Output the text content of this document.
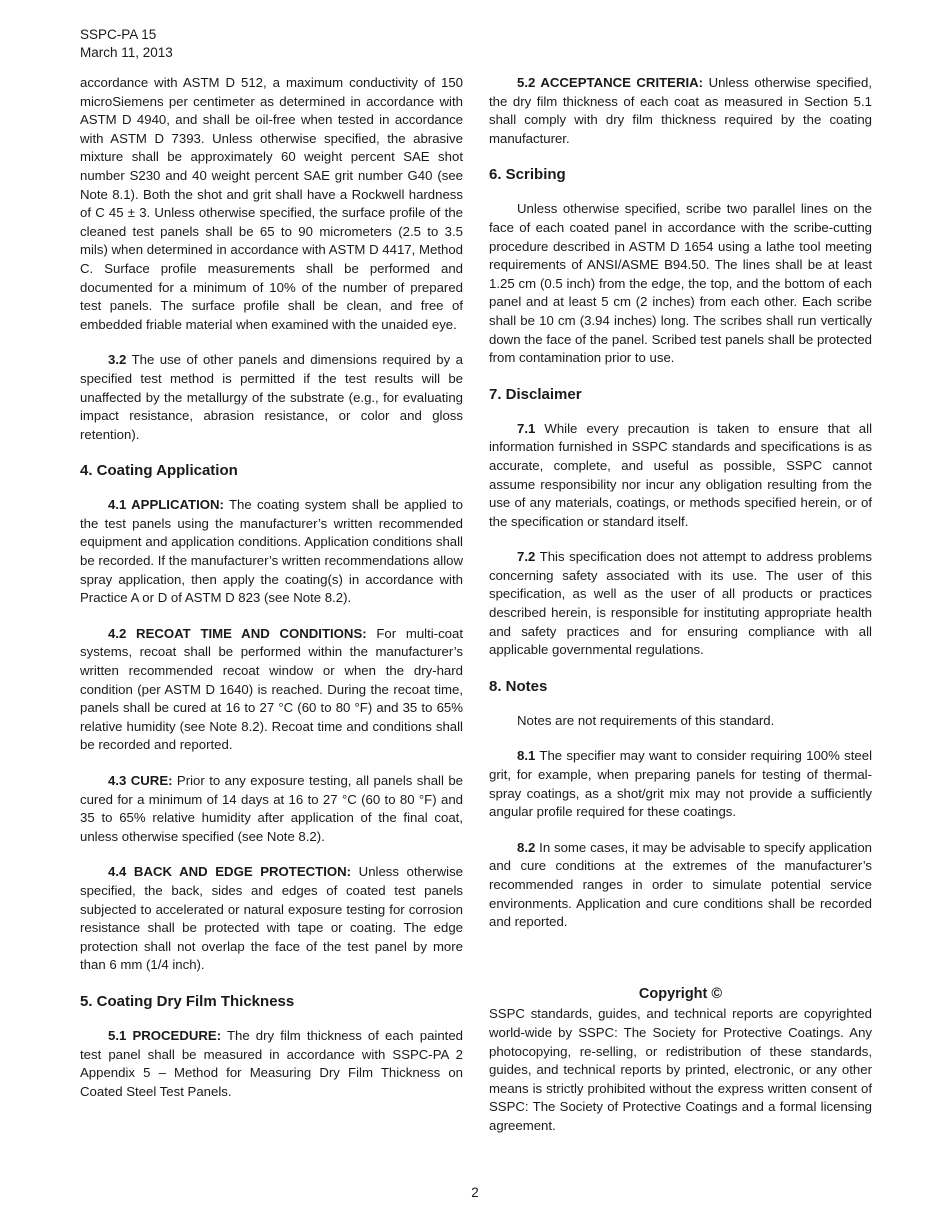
SSPC-PA 15
March 11, 2013

accordance with ASTM D 512, a maximum conductivity of 150 microSiemens per centimeter as determined in accordance with ASTM D 4940, and shall be oil-free when tested in accordance with ASTM D 7393. Unless otherwise specified, the abrasive mixture shall be approximately 60 weight percent SAE shot number S230 and 40 weight percent SAE grit number G40 (see Note 8.1). Both the shot and grit shall have a Rockwell hardness of C 45 ± 3. Unless otherwise specified, the surface profile of the cleaned test panels shall be 65 to 90 micrometers (2.5 to 3.5 mils) when determined in accordance with ASTM D 4417, Method C. Surface profile measurements shall be performed and documented for a minimum of 10% of the number of prepared test panels. The surface profile shall be clean, and free of embedded friable material when examined with the unaided eye.

3.2 The use of other panels and dimensions required by a specified test method is permitted if the test results will be unaffected by the metallurgy of the substrate (e.g., for evaluating impact resistance, abrasion resistance, or color and gloss retention).

4. Coating Application

4.1 APPLICATION: The coating system shall be applied to the test panels using the manufacturer’s written recommended equipment and application conditions. Application conditions shall be recorded. If the manufacturer’s written recommendations allow spray application, then apply the coating(s) in accordance with Practice A or D of ASTM D 823 (see Note 8.2).

4.2 RECOAT TIME AND CONDITIONS: For multi-coat systems, recoat shall be performed within the manufacturer’s written recommended recoat window or when the dry-hard condition (per ASTM D 1640) is reached. During the recoat time, panels shall be cured at 16 to 27 °C (60 to 80 °F) and 35 to 65% relative humidity (see Note 8.2). Recoat time and conditions shall be recorded and reported.

4.3 CURE: Prior to any exposure testing, all panels shall be cured for a minimum of 14 days at 16 to 27 °C (60 to 80 °F) and 35 to 65% relative humidity after application of the final coat, unless otherwise specified (see Note 8.2).

4.4 BACK AND EDGE PROTECTION: Unless otherwise specified, the back, sides and edges of coated test panels subjected to accelerated or natural exposure testing for corrosion resistance shall be protected with tape or coating. The edge protection shall not overlap the face of the test panel by more than 6 mm (1/4 inch).

5. Coating Dry Film Thickness

5.1 PROCEDURE: The dry film thickness of each painted test panel shall be measured in accordance with SSPC-PA 2 Appendix 5 – Method for Measuring Dry Film Thickness on Coated Steel Test Panels.

5.2 ACCEPTANCE CRITERIA: Unless otherwise specified, the dry film thickness of each coat as measured in Section 5.1 shall comply with dry film thickness required by the coating manufacturer.

6. Scribing

Unless otherwise specified, scribe two parallel lines on the face of each coated panel in accordance with the scribe-cutting procedure described in ASTM D 1654 using a lathe tool meeting requirements of ANSI/ASME B94.50. The lines shall be at least 1.25 cm (0.5 inch) from the edge, the top, and the bottom of each panel and at least 5 cm (2 inches) from each other. Each scribe shall be 10 cm (3.94 inches) long. The scribes shall run vertically down the face of the panel. Scribed test panels shall be protected from contamination prior to use.

7. Disclaimer

7.1 While every precaution is taken to ensure that all information furnished in SSPC standards and specifications is as accurate, complete, and useful as possible, SSPC cannot assume responsibility nor incur any obligation resulting from the use of any materials, coatings, or methods specified herein, or of the specification or standard itself.

7.2 This specification does not attempt to address problems concerning safety associated with its use. The user of this specification, as well as the user of all products or practices described herein, is responsible for instituting appropriate health and safety practices and for ensuring compliance with all applicable governmental regulations.

8. Notes

Notes are not requirements of this standard.

8.1 The specifier may want to consider requiring 100% steel grit, for example, when preparing panels for testing of thermal-spray coatings, as a shot/grit mix may not provide a sufficiently angular profile required for these coatings.

8.2 In some cases, it may be advisable to specify application and cure conditions at the extremes of the manufacturer’s recommended ranges in order to simulate potential service environments. Application and cure conditions shall be recorded and reported.

Copyright ©

SSPC standards, guides, and technical reports are copyrighted world-wide by SSPC: The Society for Protective Coatings. Any photocopying, re-selling, or redistribution of these standards, guides, and technical reports by printed, electronic, or any other means is strictly prohibited without the express written consent of SSPC: The Society of Protective Coatings and a formal licensing agreement.

2
